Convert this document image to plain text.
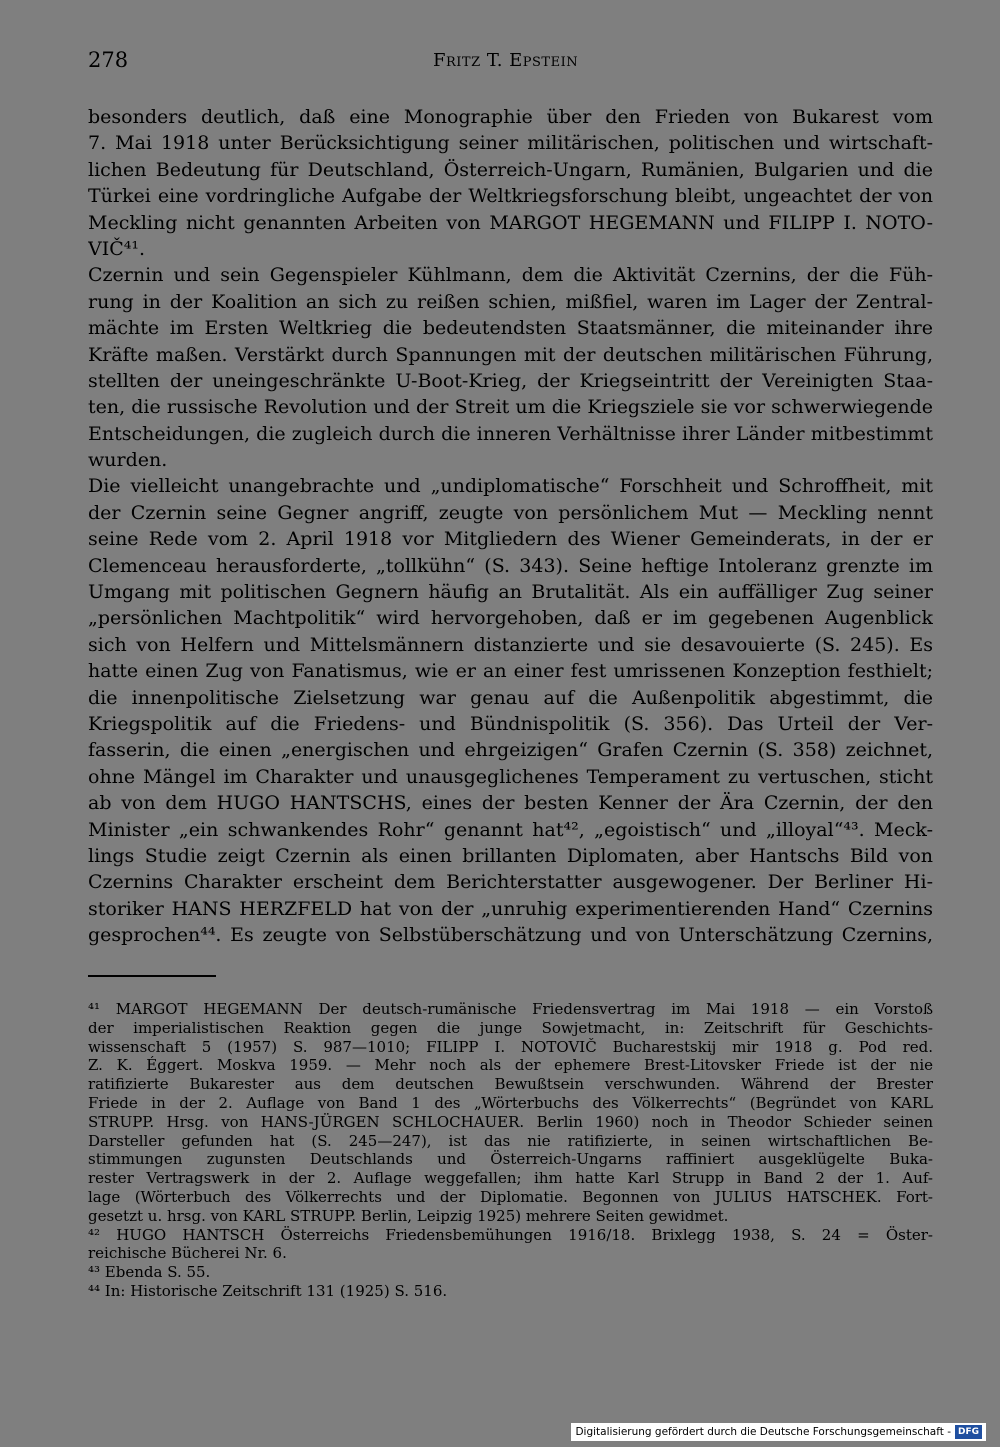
278	Fritz T. Epstein
besonders deutlich, daß eine Monographie über den Frieden von Bukarest vom
7. Mai 1918 unter Berücksichtigung seiner militärischen, politischen und wirtschaft-
lichen Bedeutung für Deutschland, Österreich-Ungarn, Rumänien, Bulgarien und die
Türkei eine vordringliche Aufgabe der Weltkriegsforschung bleibt, ungeachtet der von
Meckling nicht genannten Arbeiten von MARGOT HEGEMANN und FILIPP I. NOTO-
VIČ⁴¹.
Czernin und sein Gegenspieler Kühlmann, dem die Aktivität Czernins, der die Füh-
rung in der Koalition an sich zu reißen schien, mißfiel, waren im Lager der Zentral-
mächte im Ersten Weltkrieg die bedeutendsten Staatsmänner, die miteinander ihre
Kräfte maßen. Verstärkt durch Spannungen mit der deutschen militärischen Führung,
stellten der uneingeschränkte U-Boot-Krieg, der Kriegseintritt der Vereinigten Staa-
ten, die russische Revolution und der Streit um die Kriegsziele sie vor schwerwiegende
Entscheidungen, die zugleich durch die inneren Verhältnisse ihrer Länder mitbestimmt
wurden.
Die vielleicht unangebrachte und „undiplomatische“ Forschheit und Schroffheit, mit
der Czernin seine Gegner angriff, zeugte von persönlichem Mut — Meckling nennt
seine Rede vom 2. April 1918 vor Mitgliedern des Wiener Gemeinderats, in der er
Clemenceau herausforderte, „tollkühn“ (S. 343). Seine heftige Intoleranz grenzte im
Umgang mit politischen Gegnern häufig an Brutalität. Als ein auffälliger Zug seiner
„persönlichen Machtpolitik“ wird hervorgehoben, daß er im gegebenen Augenblick
sich von Helfern und Mittelsmännern distanzierte und sie desavouierte (S. 245). Es
hatte einen Zug von Fanatismus, wie er an einer fest umrissenen Konzeption festhielt;
die innenpolitische Zielsetzung war genau auf die Außenpolitik abgestimmt, die
Kriegspolitik auf die Friedens- und Bündnispolitik (S. 356). Das Urteil der Ver-
fasserin, die einen „energischen und ehrgeizigen“ Grafen Czernin (S. 358) zeichnet,
ohne Mängel im Charakter und unausgeglichenes Temperament zu vertuschen, sticht
ab von dem HUGO HANTSCHS, eines der besten Kenner der Ära Czernin, der den
Minister „ein schwankendes Rohr“ genannt hat⁴², „egoistisch“ und „illoyal“⁴³. Meck-
lings Studie zeigt Czernin als einen brillanten Diplomaten, aber Hantschs Bild von
Czernins Charakter erscheint dem Berichterstatter ausgewogener. Der Berliner Hi-
storiker HANS HERZFELD hat von der „unruhig experimentierenden Hand“ Czernins
gesprochen⁴⁴. Es zeugte von Selbstüberschätzung und von Unterschätzung Czernins,
⁴¹ MARGOT HEGEMANN Der deutsch-rumänische Friedensvertrag im Mai 1918 — ein Vorstoß
der imperialistischen Reaktion gegen die junge Sowjetmacht, in: Zeitschrift für Geschichts-
wissenschaft 5 (1957) S. 987—1010; FILIPP I. NOTOVIČ Bucharestskij mir 1918 g. Pod red.
Z. K. Éggert. Moskva 1959. — Mehr noch als der ephemere Brest-Litovsker Friede ist der nie
ratifizierte Bukarester aus dem deutschen Bewußtsein verschwunden. Während der Brester
Friede in der 2. Auflage von Band 1 des „Wörterbuchs des Völkerrechts“ (Begründet von KARL
STRUPP. Hrsg. von HANS-JÜRGEN SCHLOCHAUER. Berlin 1960) noch in Theodor Schieder seinen
Darsteller gefunden hat (S. 245—247), ist das nie ratifizierte, in seinen wirtschaftlichen Be-
stimmungen zugunsten Deutschlands und Österreich-Ungarns raffiniert ausgeklügelte Buka-
rester Vertragswerk in der 2. Auflage weggefallen; ihm hatte Karl Strupp in Band 2 der 1. Auf-
lage (Wörterbuch des Völkerrechts und der Diplomatie. Begonnen von JULIUS HATSCHEK. Fort-
gesetzt u. hrsg. von KARL STRUPP. Berlin, Leipzig 1925) mehrere Seiten gewidmet.
⁴² HUGO HANTSCH Österreichs Friedensbemühungen 1916/18. Brixlegg 1938, S. 24 = Öster-
reichische Bücherei Nr. 6.
⁴³ Ebenda S. 55.
⁴⁴ In: Historische Zeitschrift 131 (1925) S. 516.
Digitalisierung gefördert durch die Deutsche Forschungsgemeinschaft - DFG
